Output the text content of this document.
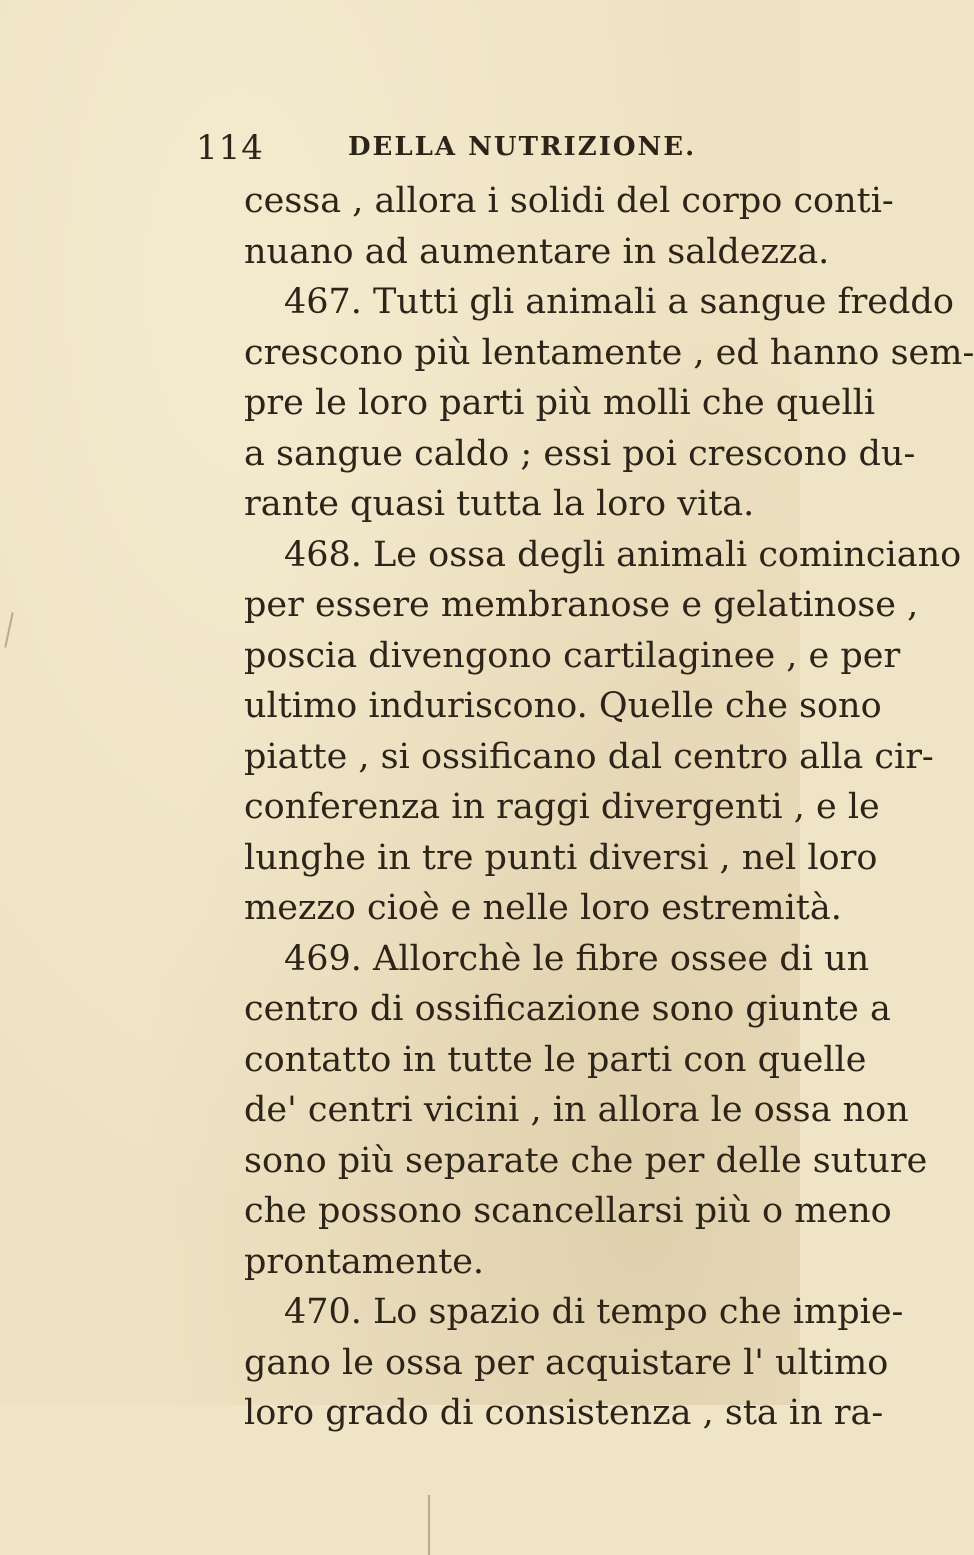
114	DELLA NUTRIZIONE.
cessa , allora i solidi del corpo conti-
nuano ad aumentare in saldezza.
467. Tutti gli animali a sangue freddo
crescono più lentamente , ed hanno sem-
pre le loro parti più molli che quelli
a sangue caldo ; essi poi crescono du-
rante quasi tutta la loro vita.
468. Le ossa degli animali cominciano
per essere membranose e gelatinose ,
poscia divengono cartilaginee , e per
ultimo induriscono. Quelle che sono
piatte , si ossificano dal centro alla cir-
conferenza in raggi divergenti , e le
lunghe in tre punti diversi , nel loro
mezzo cioè e nelle loro estremità.
469. Allorchè le fibre ossee di un
centro di ossificazione sono giunte a
contatto in tutte le parti con quelle
de' centri vicini , in allora le ossa non
sono più separate che per delle suture
che possono scancellarsi più o meno
prontamente.
470. Lo spazio di tempo che impie-
gano le ossa per acquistare l' ultimo
loro grado di consistenza , sta in ra-
